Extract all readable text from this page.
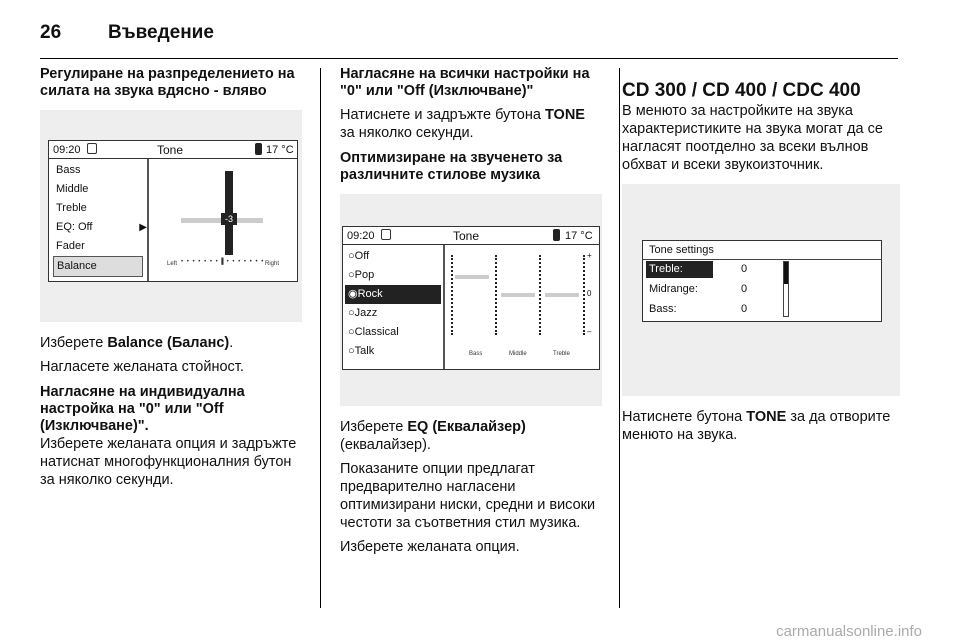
26 Въведение
Регулиране на разпределението на силата на звука вдясно - вляво
09:20	Tone	17 °C
Bass
Middle
Treble
EQ: Off	▶
Fader
Balance
-3
Left • • • • • • • ▌• • • • • • • Right

Изберете Balance (Баланс).

Нагласете желаната стойност.

Нагласяне на индивидуална настройка на "0" или "Off (Изключване)".

Изберете желаната опция и задръжте натиснат многофункционалния бутон за няколко секунди.

Нагласяне на всички настройки на "0" или "Off (Изключване)"

Натиснете и задръжте бутона TONE за няколко секунди.

Оптимизиране на звученето за различните стилове музика
09:20	Tone	17 °C
○Off
○Pop
◉Rock
○Jazz
○Classical
○Talk
+
0
–
Bass	Middle	Treble

Изберете EQ (Еквалайзер) (еквалайзер).

Показаните опции предлагат предварително нагласени оптимизирани ниски, средни и високи честоти за съответния стил музика.

Изберете желаната опция.

CD 300 / CD 400 / CDC 400

В менюто за настройките на звука характеристиките на звука могат да се нагласят поотделно за всеки вълнов обхват и всеки звукоизточник.

Tone settings
Treble:	0
Midrange:	0
Bass:	0

Натиснете бутона TONE за да отворите менюто на звука.

carmanualsonline.info
